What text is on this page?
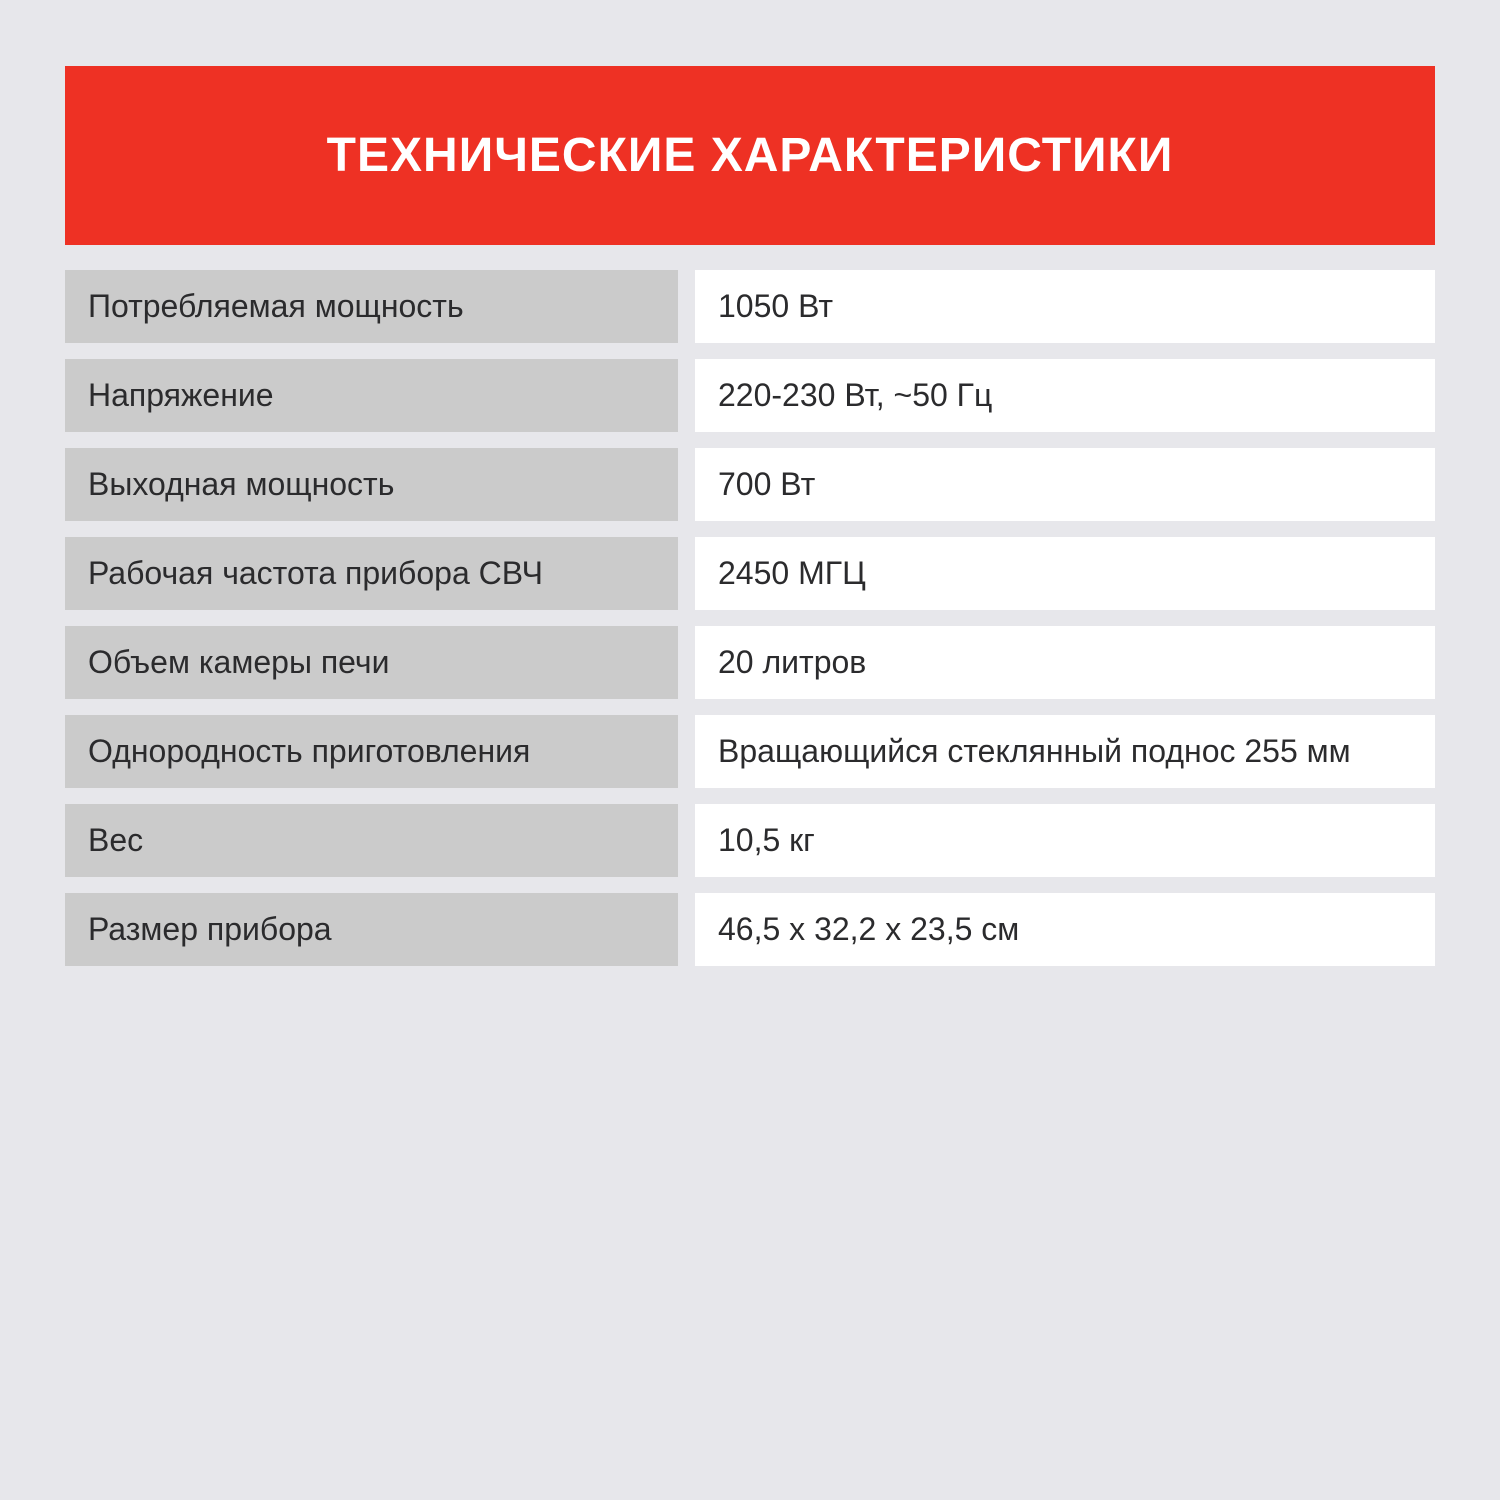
ТЕХНИЧЕСКИЕ ХАРАКТЕРИСТИКИ
Потребляемая мощность	1050 Вт
Напряжение	220-230 Вт, ~50 Гц
Выходная мощность	700 Вт
Рабочая частота прибора СВЧ	2450 МГЦ
Объем камеры печи	20 литров
Однородность приготовления	Вращающийся стеклянный поднос 255 мм
Вес	10,5 кг
Размер прибора	46,5 x 32,2 x 23,5 см
